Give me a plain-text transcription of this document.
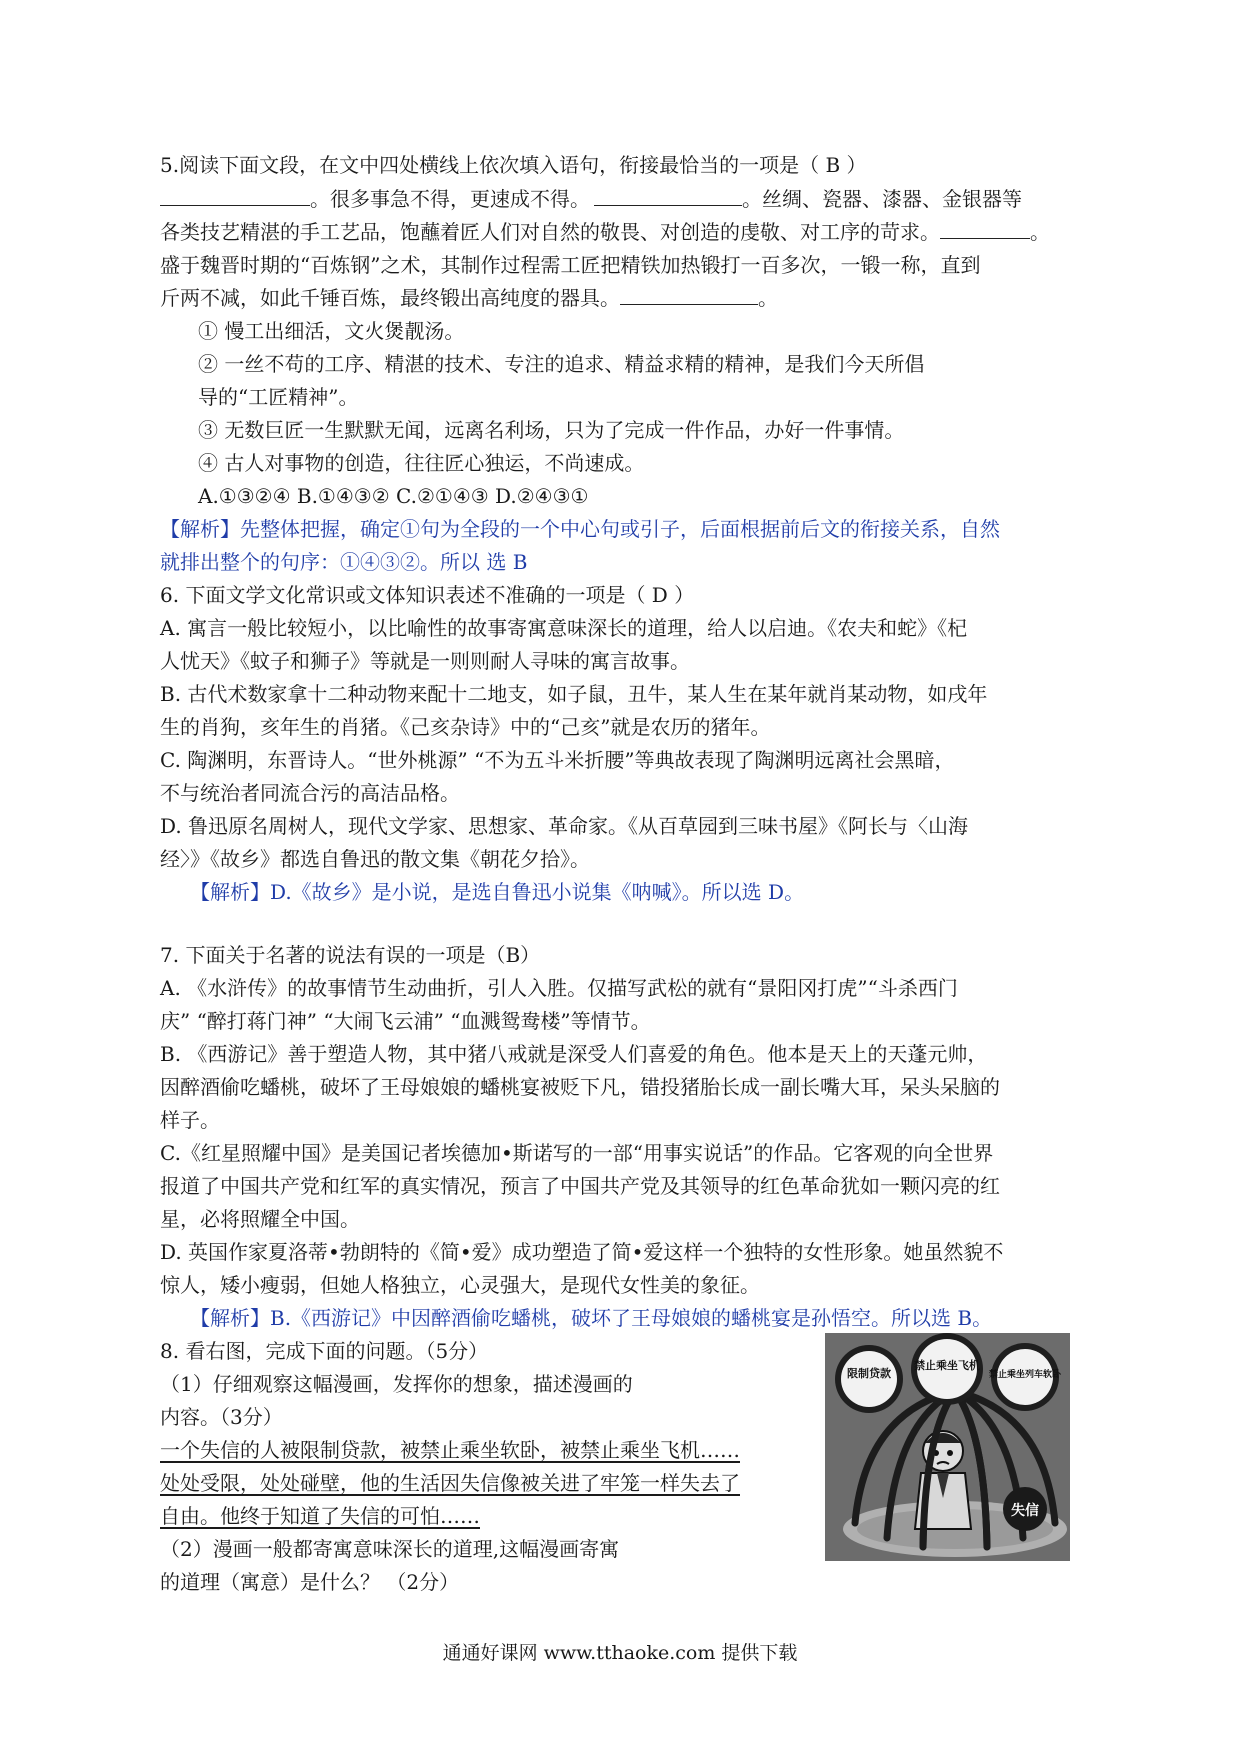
5.阅读下面文段，在文中四处横线上依次填入语句，衔接最恰当的一项是（ B ）
。很多事急不得，更速成不得。	。丝绸、瓷器、漆器、金银器等
各类技艺精湛的手工艺品，饱蘸着匠人们对自然的敬畏、对创造的虔敬、对工序的苛求。	。
盛于魏晋时期的“百炼钢”之术，其制作过程需工匠把精铁加热锻打一百多次，一锻一称，直到
斤两不减，如此千锤百炼，最终锻出高纯度的器具。	。
① 慢工出细活，文火煲靓汤。
② 一丝不苟的工序、精湛的技术、专注的追求、精益求精的精神，是我们今天所倡
导的“工匠精神”。
③ 无数巨匠一生默默无闻，远离名利场，只为了完成一件作品，办好一件事情。
④ 古人对事物的创造，往往匠心独运，不尚速成。
A.①③②④ B.①④③② C.②①④③ D.②④③①
【解析】先整体把握，确定①句为全段的一个中心句或引子，后面根据前后文的衔接关系，自然
就排出整个的句序：①④③②。所以 选 B
6. 下面文学文化常识或文体知识表述不准确的一项是（ D ）
A. 寓言一般比较短小，以比喻性的故事寄寓意味深长的道理，给人以启迪。《农夫和蛇》《杞
人忧天》《蚊子和狮子》等就是一则则耐人寻味的寓言故事。
B. 古代术数家拿十二种动物来配十二地支，如子鼠，丑牛，某人生在某年就肖某动物，如戌年
生的肖狗，亥年生的肖猪。《己亥杂诗》中的“己亥”就是农历的猪年。
C. 陶渊明，东晋诗人。“世外桃源” “不为五斗米折腰”等典故表现了陶渊明远离社会黑暗，
不与统治者同流合污的高洁品格。
D. 鲁迅原名周树人，现代文学家、思想家、革命家。《从百草园到三味书屋》《阿长与〈山海
经〉》《故乡》都选自鲁迅的散文集《朝花夕拾》。
【解析】D.《故乡》是小说，是选自鲁迅小说集《呐喊》。所以选 D。
7. 下面关于名著的说法有误的一项是（B）
A. 《水浒传》的故事情节生动曲折，引人入胜。仅描写武松的就有“景阳冈打虎”“斗杀西门
庆” “醉打蒋门神” “大闹飞云浦” “血溅鸳鸯楼”等情节。
B. 《西游记》善于塑造人物，其中猪八戒就是深受人们喜爱的角色。他本是天上的天蓬元帅，
因醉酒偷吃蟠桃，破坏了王母娘娘的蟠桃宴被贬下凡，错投猪胎长成一副长嘴大耳，呆头呆脑的
样子。
C.《红星照耀中国》是美国记者埃德加•斯诺写的一部“用事实说话”的作品。它客观的向全世界
报道了中国共产党和红军的真实情况，预言了中国共产党及其领导的红色革命犹如一颗闪亮的红
星，必将照耀全中国。
D. 英国作家夏洛蒂•勃朗特的《简•爱》成功塑造了简•爱这样一个独特的女性形象。她虽然貌不
惊人，矮小瘦弱，但她人格独立，心灵强大，是现代女性美的象征。
【解析】B.《西游记》中因醉酒偷吃蟠桃，破坏了王母娘娘的蟠桃宴是孙悟空。所以选 B。
8. 看右图，完成下面的问题。（5分）
（1）仔细观察这幅漫画，发挥你的想象，描述漫画的
内容。（3分）
一个失信的人被限制贷款，被禁止乘坐软卧，被禁止乘坐飞机……
处处受限，处处碰壁，他的生活因失信像被关进了牢笼一样失去了
自由。他终于知道了失信的可怕……
（2）漫画一般都寄寓意味深长的道理,这幅漫画寄寓
的道理（寓意）是什么？ （2分）
限制贷款
禁止乘坐飞机
禁止乘坐列车软卧
失信
通通好课网 www.tthaoke.com 提供下载
